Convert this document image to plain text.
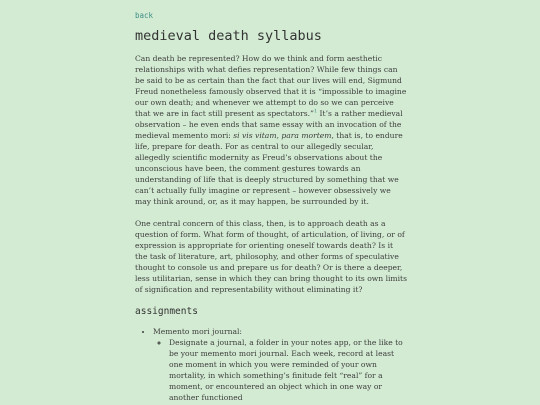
back
medieval death syllabus

Can death be represented? How do we think and form aesthetic relationships with what defies representation? While few things can be said to be as certain than the fact that our lives will end, Sigmund Freud nonetheless famously observed that it is “impossible to imagine our own death; and whenever we attempt to do so we can perceive that we are in fact still present as spectators.”$^1$ It’s a rather medieval observation – he even ends that same essay with an invocation of the medieval memento mori: si vis vitam, para mortem, that is, to endure life, prepare for death. For as central to our allegedly secular, allegedly scientific modernity as Freud’s observations about the unconscious have been, the comment gestures towards an understanding of life that is deeply structured by something that we can’t actually fully imagine or represent – however obsessively we may think around, or, as it may happen, be surrounded by it.

One central concern of this class, then, is to approach death as a question of form. What form of thought, of articulation, of living, or of expression is appropriate for orienting oneself towards death? Is it the task of literature, art, philosophy, and other forms of speculative thought to console us and prepare us for death? Or is there a deeper, less utilitarian, sense in which they can bring thought to its own limits of signification and representability without eliminating it?

assignments
• Memento mori journal:
◦ Designate a journal, a folder in your notes app, or the like to be your memento mori journal. Each week, record at least one moment in which you were reminded of your own mortality, in which something’s finitude felt “real” for a moment, or encountered an object which in one way or another functioned
